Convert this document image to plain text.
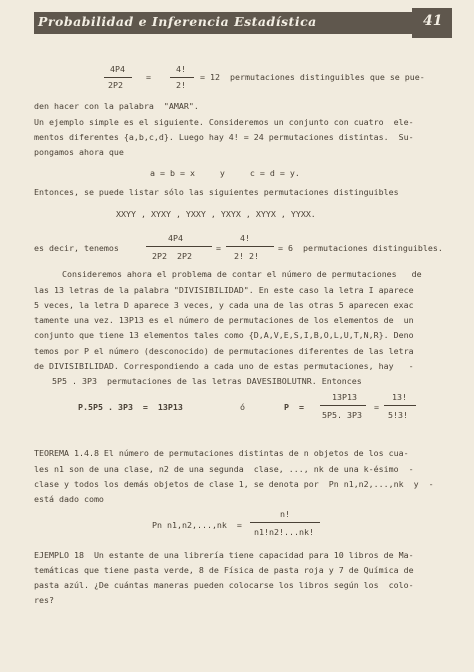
Probabilidad e Inferencia Estadística	41
4P4
2P2
=
4!
2!
= 12  permutaciones distinguibles que se pue-
den hacer con la palabra  "AMAR".
Un ejemplo simple es el siguiente. Consideremos un conjunto con cuatro  ele-
mentos diferentes {a,b,c,d}. Luego hay 4! = 24 permutaciones distintas.  Su-
pongamos ahora que
a = b = x     y     c = d = y.
Entonces, se puede listar sólo las siguientes permutaciones distinguibles
XXYY , XYXY , YXXY , YXYX , XYYX , YYXX.
es decir, tenemos
4P4
2P2  2P2
=
4!
2! 2!
= 6  permutaciones distinguibles.
Consideremos ahora el problema de contar el número de permutaciones   de
las 13 letras de la palabra "DIVISIBILIDAD". En este caso la letra I aparece
5 veces, la letra D aparece 3 veces, y cada una de las otras 5 aparecen exac
tamente una vez. 13P13 es el número de permutaciones de los elementos de  un
conjunto que tiene 13 elementos tales como {D,A,V,E,S,I,B,O,L,U,T,N,R}. Deno
temos por P el número (desconocido) de permutaciones diferentes de las letra
de DIVISIBILIDAD. Correspondiendo a cada uno de estas permutaciones, hay   -
5P5 . 3P3  permutaciones de las letras DAVESIBOLUTNR. Entonces
P.5P5 . 3P3  =  13P13	ó	P  =
13P13
5P5. 3P3
=
13!
5!3!
TEOREMA 1.4.8 El número de permutaciones distintas de n objetos de los cua-
les n1 son de una clase, n2 de una segunda  clase, ..., nk de una k-ésimo  -
clase y todos los demás objetos de clase 1, se denota por  Pn n1,n2,...,nk  y  -
está dado como
Pn n1,n2,...,nk  =
n!
n1!n2!...nk!
EJEMPLO 18  Un estante de una librería tiene capacidad para 10 libros de Ma-
temáticas que tiene pasta verde, 8 de Física de pasta roja y 7 de Química de
pasta azúl. ¿De cuántas maneras pueden colocarse los libros según los  colo-
res?
